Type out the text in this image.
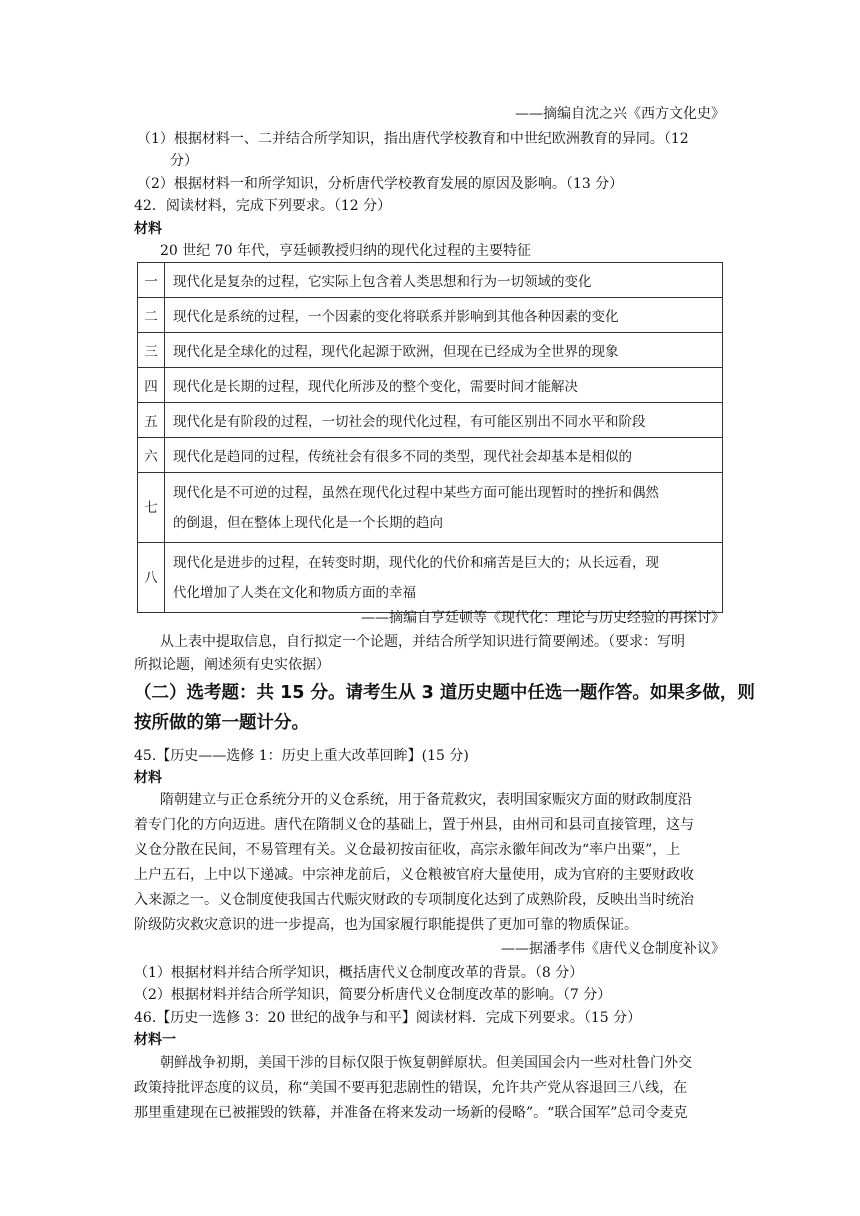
——摘编自沈之兴《西方文化史》
（1）根据材料一、二并结合所学知识，指出唐代学校教育和中世纪欧洲教育的异同。（12
分）
（2）根据材料一和所学知识，分析唐代学校教育发展的原因及影响。（13 分）
42．阅读材料，完成下列要求。（12 分）
材料
20 世纪 70 年代，亨廷顿教授归纳的现代化过程的主要特征
一	现代化是复杂的过程，它实际上包含着人类思想和行为一切领域的变化
二	现代化是系统的过程，一个因素的变化将联系并影响到其他各种因素的变化
三	现代化是全球化的过程，现代化起源于欧洲，但现在已经成为全世界的现象
四	现代化是长期的过程，现代化所涉及的整个变化，需要时间才能解决
五	现代化是有阶段的过程，一切社会的现代化过程，有可能区别出不同水平和阶段
六	现代化是趋同的过程，传统社会有很多不同的类型，现代社会却基本是相似的
七	现代化是不可逆的过程，虽然在现代化过程中某些方面可能出现暂时的挫折和偶然
的倒退，但在整体上现代化是一个长期的趋向

八	现代化是进步的过程，在转变时期，现代化的代价和痛苦是巨大的；从长远看，现
代化增加了人类在文化和物质方面的幸福
——摘编自亨廷顿等《现代化：理论与历史经验的再探讨》
从上表中提取信息，自行拟定一个论题，并结合所学知识进行简要阐述。（要求：写明
所拟论题，阐述须有史实依据）
（二）选考题：共 15 分。请考生从 3 道历史题中任选一题作答。如果多做，则
按所做的第一题计分。
45.【历史——选修 1：历史上重大改革回眸】(15 分)
材料
隋朝建立与正仓系统分开的义仓系统，用于备荒救灾，表明国家赈灾方面的财政制度沿
着专门化的方向迈进。唐代在隋制义仓的基础上，置于州县，由州司和县司直接管理，这与
义仓分散在民间，不易管理有关。义仓最初按亩征收，高宗永徽年间改为“率户出粟”，上
上户五石，上中以下递减。中宗神龙前后，义仓粮被官府大量使用，成为官府的主要财政收
入来源之一。义仓制度使我国古代赈灾财政的专项制度化达到了成熟阶段，反映出当时统治
阶级防灾救灾意识的进一步提高，也为国家履行职能提供了更加可靠的物质保证。
——据潘孝伟《唐代义仓制度补议》
（1）根据材料并结合所学知识，概括唐代义仓制度改革的背景。（8 分）
（2）根据材料并结合所学知识，简要分析唐代义仓制度改革的影响。（7 分）
46.【历史一选修 3：20 世纪的战争与和平】阅读材料．完成下列要求。（15 分）
材料一
朝鲜战争初期，美国干涉的目标仅限于恢复朝鲜原状。但美国国会内一些对杜鲁门外交
政策持批评态度的议员，称“美国不要再犯悲剧性的错误，允许共产党从容退回三八线，在
那里重建现在已被摧毁的铁幕，并准备在将来发动一场新的侵略”。“联合国军”总司令麦克
